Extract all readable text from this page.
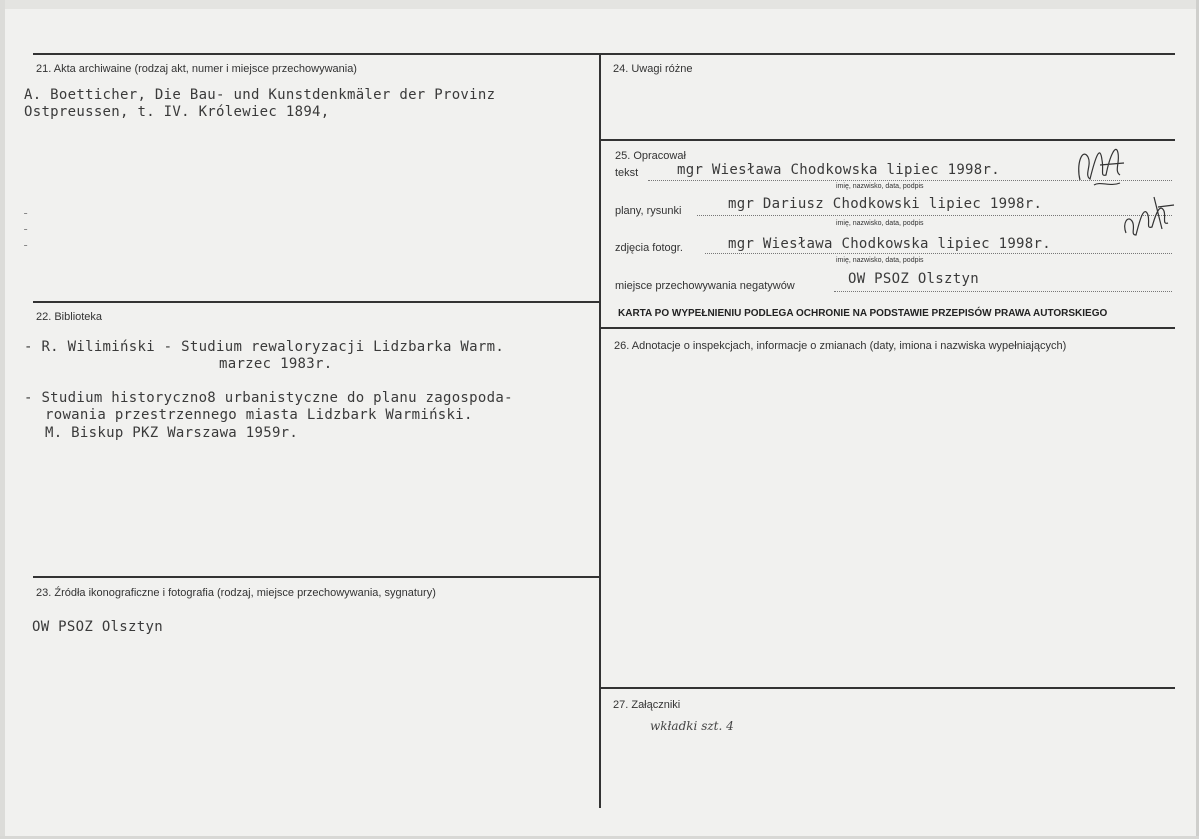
21. Akta archiwaine (rodzaj akt, numer i miejsce przechowywania)
A. Boetticher, Die Bau- und Kunstdenkmäler der Provinz
Ostpreussen, t. IV. Królewiec 1894,
-
-
-
22. Biblioteka
- R. Wilimiński - Studium rewaloryzacji Lidzbarka Warm.
marzec 1983r.
- Studium historyczno8 urbanistyczne do planu zagospoda-
rowania przestrzennego miasta Lidzbark Warmiński.
M. Biskup PKZ Warszawa 1959r.
23. Źródła ikonograficzne i fotografia (rodzaj, miejsce przechowywania, sygnatury)
OW PSOZ Olsztyn
24. Uwagi różne
25. Opracował
tekst	mgr Wiesława Chodkowska lipiec 1998r.
imię, nazwisko, data, podpis
plany, rysunki	mgr Dariusz Chodkowski lipiec 1998r.
imię, nazwisko, data, podpis
zdjęcia fotogr.	mgr Wiesława Chodkowska lipiec 1998r.
imię, nazwisko, data, podpis
miejsce przechowywania negatywów	OW PSOZ Olsztyn
KARTA PO WYPEŁNIENIU PODLEGA OCHRONIE NA PODSTAWIE PRZEPISÓW PRAWA AUTORSKIEGO
26. Adnotacje o inspekcjach, informacje o zmianach (daty, imiona i nazwiska wypełniających)
27. Załączniki
wkładki szt. 4
